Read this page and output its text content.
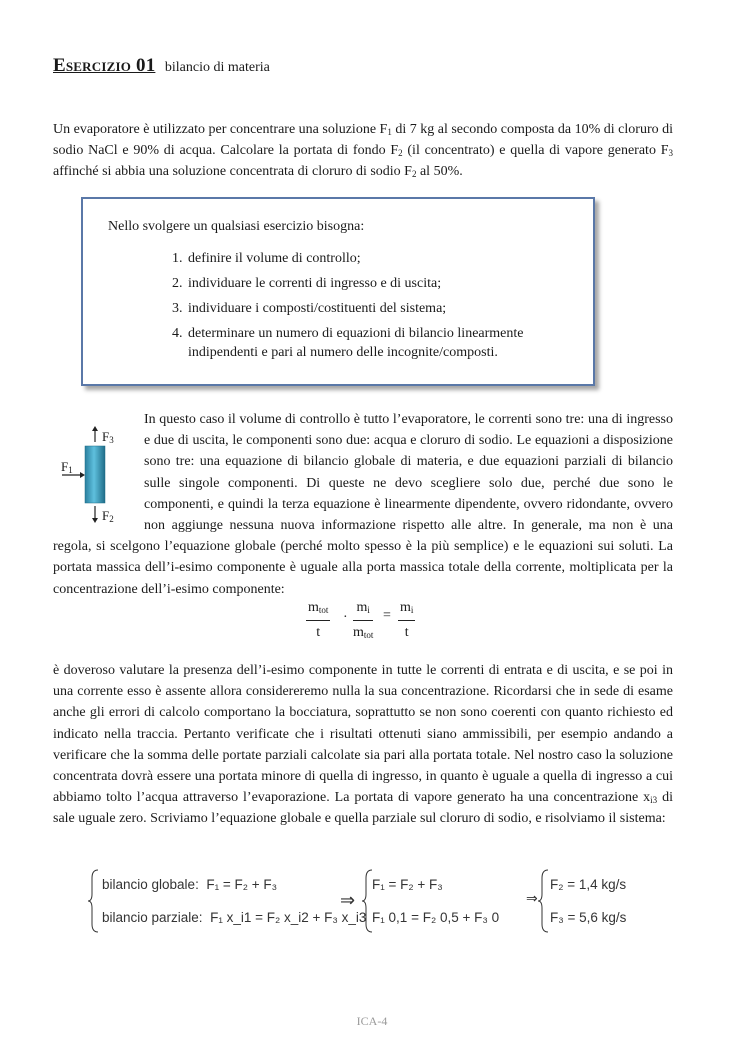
Esercizio 01 bilancio di materia
Un evaporatore è utilizzato per concentrare una soluzione $F_1$ di 7 kg al secondo composta da 10% di cloruro di sodio NaCl e 90% di acqua. Calcolare la portata di fondo $F_2$ (il concentrato) e quella di vapore generato $F_3$ affinché si abbia una soluzione concentrata di cloruro di sodio $F_2$ al 50%.
Nello svolgere un qualsiasi esercizio bisogna:
1. definire il volume di controllo;
2. individuare le correnti di ingresso e di uscita;
3. individuare i composti/costituenti del sistema;
4. determinare un numero di equazioni di bilancio linearmente indipendenti e pari al numero delle incognite/composti.
$F_3$
$F_1$
$F_2$
In questo caso il volume di controllo è tutto l’evaporatore, le correnti sono tre: una di ingresso e due di uscita, le componenti sono due: acqua e cloruro di sodio. Le equazioni a disposizione sono tre: una equazione di bilancio globale di materia, e due equazioni parziali di bilancio sulle singole componenti. Di queste ne devo scegliere solo due, perché due sono le componenti, e quindi la terza equazione è linearmente dipendente, ovvero ridondante, ovvero non aggiunge nessuna nuova informazione rispetto alle altre. In generale, ma non è una regola, si scelgono l’equazione globale (perché molto spesso è la più semplice) e le equazioni sui soluti. La portata massica dell’i-esimo componente è uguale alla porta massica totale della corrente, moltiplicata per la concentrazione dell’i-esimo componente:
$m_{tot}$
t
·
$m_i$
$m_{tot}$
= $\frac{m_i}{t}$
è doveroso valutare la presenza dell’i-esimo componente in tutte le correnti di entrata e di uscita, e se poi in una corrente esso è assente allora considereremo nulla la sua concentrazione. Ricordarsi che in sede di esame anche gli errori di calcolo comportano la bocciatura, soprattutto se non sono coerenti con quanto richiesto ed indicato nella traccia. Pertanto verificate che i risultati ottenuti siano ammissibili, per esempio andando a verificare che la somma delle portate parziali calcolate sia pari alla portata totale. Nel nostro caso la soluzione concentrata dovrà essere una portata minore di quella di ingresso, in quanto è uguale a quella di ingresso a cui abbiamo tolto l’acqua attraverso l’evaporazione. La portata di vapore generato ha una concentrazione $x_{i3}$ di sale uguale zero. Scriviamo l’equazione globale e quella parziale sul cloruro di sodio, e risolviamo il sistema:
bilancio globale: F₁ = F₂ + F₃
bilancio parziale: F₁ x_i1 = F₂ x_i2 + F₃ x_i3
⇒
F₁ = F₂ + F₃
F₁ 0,1 = F₂ 0,5 + F₃ 0
⇒
F₂ = 1,4 kg/s
F₃ = 5,6 kg/s
ICA-4
